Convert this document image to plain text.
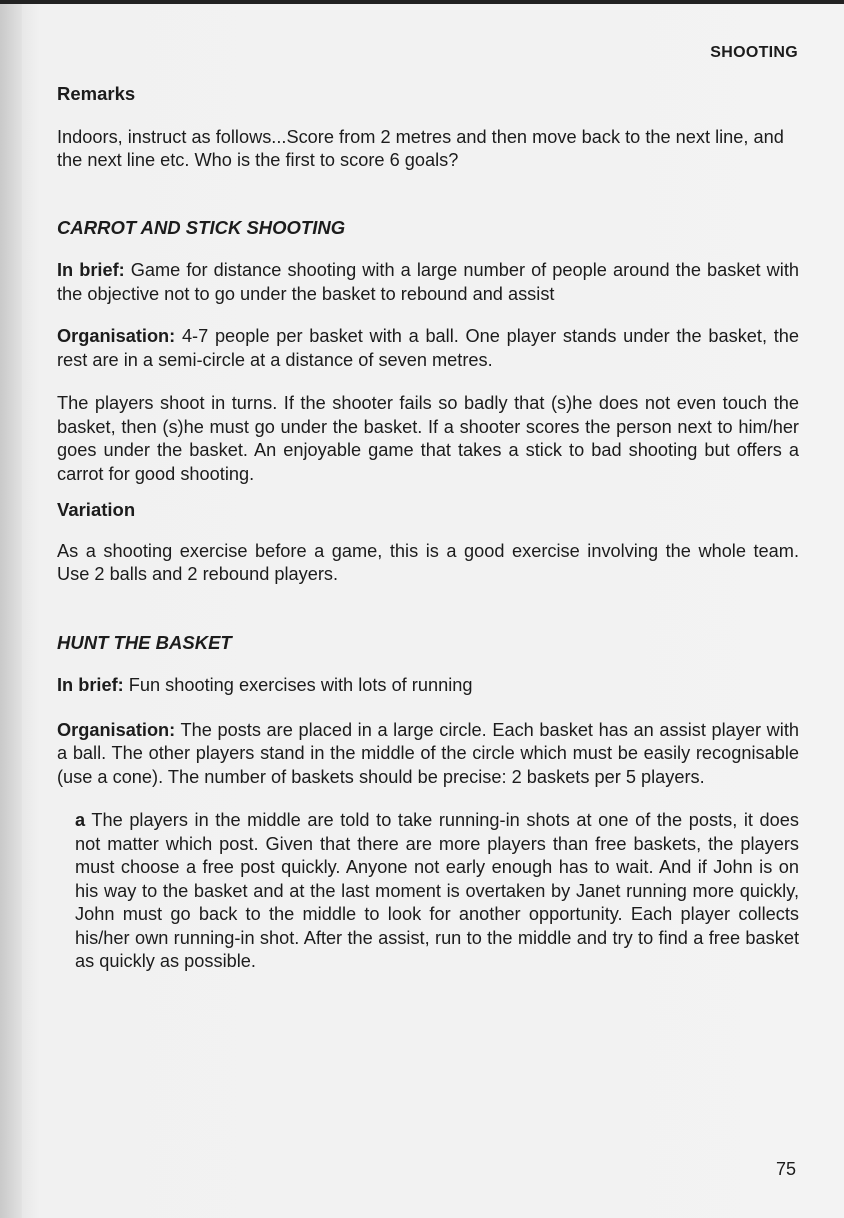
SHOOTING

Remarks

Indoors, instruct as follows...Score from 2 metres and then move back to the next line, and the next line etc. Who is the first to score 6 goals?

CARROT AND STICK SHOOTING

In brief: Game for distance shooting with a large number of people around the basket with the objective not to go under the basket to rebound and assist

Organisation: 4-7 people per basket with a ball. One player stands under the basket, the rest are in a semi-circle at a distance of seven metres.

The players shoot in turns. If the shooter fails so badly that (s)he does not even touch the basket, then (s)he must go under the basket. If a shooter scores the person next to him/her goes under the basket. An enjoyable game that takes a stick to bad shooting but offers a carrot for good shooting.

Variation

As a shooting exercise before a game, this is a good exercise involving the whole team. Use 2 balls and 2 rebound players.

HUNT THE BASKET

In brief: Fun shooting exercises with lots of running

Organisation: The posts are placed in a large circle. Each basket has an assist player with a ball. The other players stand in the middle of the circle which must be easily recognisable (use a cone). The number of baskets should be precise: 2 baskets per 5 players.

a The players in the middle are told to take running-in shots at one of the posts, it does not matter which post. Given that there are more players than free baskets, the players must choose a free post quickly. Anyone not early enough has to wait. And if John is on his way to the basket and at the last moment is overtaken by Janet running more quickly, John must go back to the middle to look for another opportunity. Each player collects his/her own running-in shot. After the assist, run to the middle and try to find a free basket as quickly as possible.

75
